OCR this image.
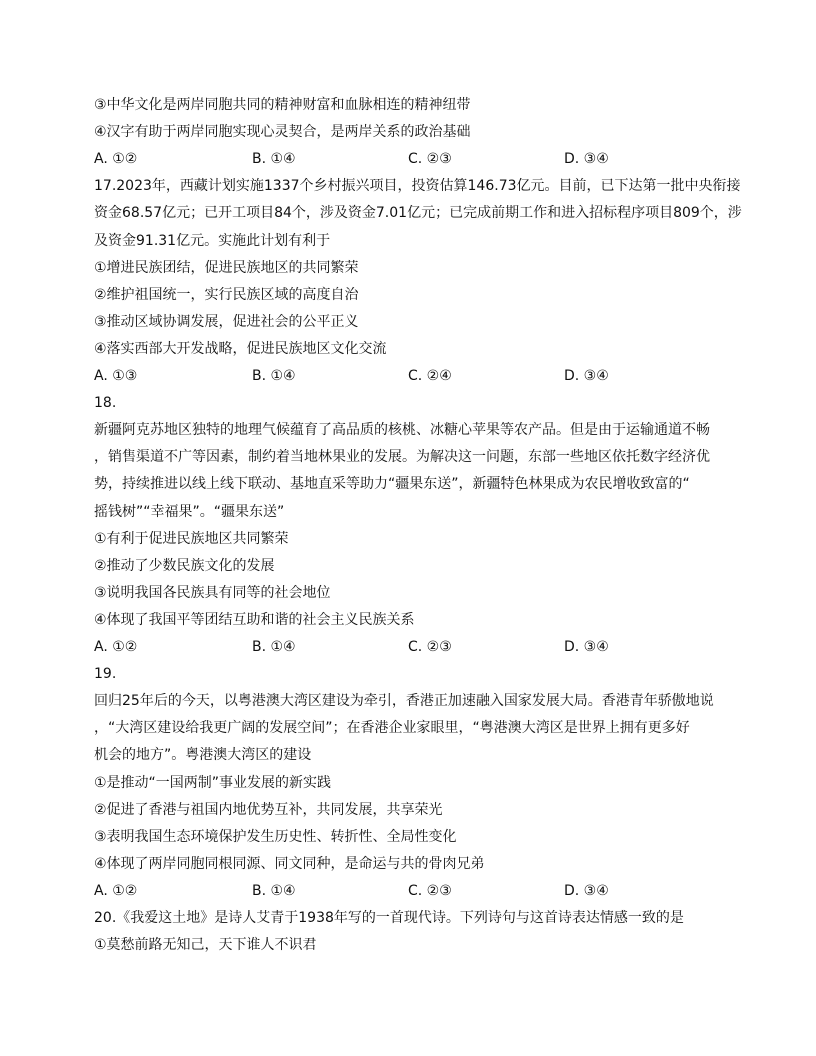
③中华文化是两岸同胞共同的精神财富和血脉相连的精神纽带
④汉字有助于两岸同胞实现心灵契合，是两岸关系的政治基础
A. ①②	B. ①④	C. ②③	D. ③④
17.2023年，西藏计划实施1337个乡村振兴项目，投资估算146.73亿元。目前，已下达第一批中央衔接
资金68.57亿元；已开工项目84个，涉及资金7.01亿元；已完成前期工作和进入招标程序项目809个，涉
及资金91.31亿元。实施此计划有利于
①增进民族团结，促进民族地区的共同繁荣
②维护祖国统一，实行民族区域的高度自治
③推动区域协调发展，促进社会的公平正义
④落实西部大开发战略，促进民族地区文化交流
A. ①③	B. ①④	C. ②④	D. ③④
18.
新疆阿克苏地区独特的地理气候蕴育了高品质的核桃、冰糖心苹果等农产品。但是由于运输通道不畅
，销售渠道不广等因素，制约着当地林果业的发展。为解决这一问题，东部一些地区依托数字经济优
势，持续推进以线上线下联动、基地直采等助力“疆果东送”，新疆特色林果成为农民增收致富的“
摇钱树”“幸福果”。“疆果东送”
①有利于促进民族地区共同繁荣
②推动了少数民族文化的发展
③说明我国各民族具有同等的社会地位
④体现了我国平等团结互助和谐的社会主义民族关系
A. ①②	B. ①④	C. ②③	D. ③④
19.
回归25年后的今天，以粤港澳大湾区建设为牵引，香港正加速融入国家发展大局。香港青年骄傲地说
，“大湾区建设给我更广阔的发展空间”；在香港企业家眼里，“粤港澳大湾区是世界上拥有更多好
机会的地方”。粤港澳大湾区的建设
①是推动“一国两制”事业发展的新实践
②促进了香港与祖国内地优势互补，共同发展，共享荣光
③表明我国生态环境保护发生历史性、转折性、全局性变化
④体现了两岸同胞同根同源、同文同种，是命运与共的骨肉兄弟
A. ①②	B. ①④	C. ②③	D. ③④
20.《我爱这土地》是诗人艾青于1938年写的一首现代诗。下列诗句与这首诗表达情感一致的是
①莫愁前路无知己，天下谁人不识君
